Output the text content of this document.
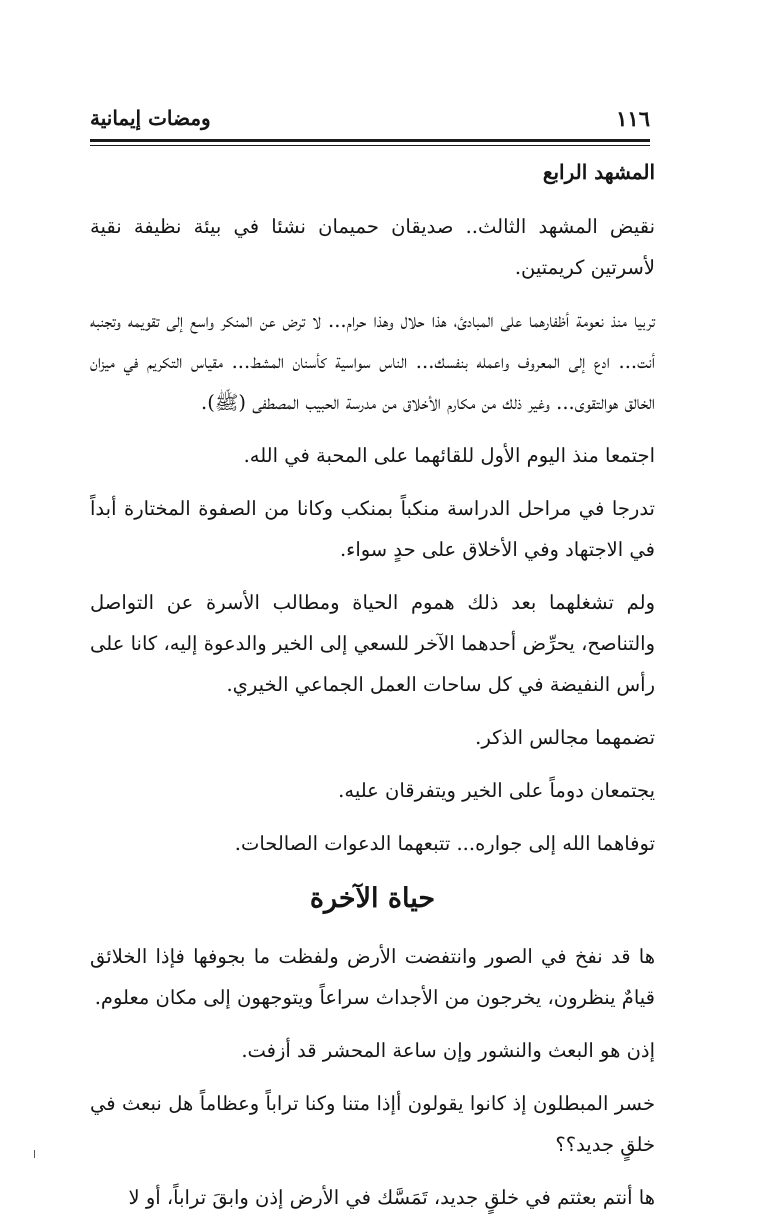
١١٦
ومضات إيمانية

المشهد الرابع

نقيض المشهد الثالث.. صديقان حميمان نشئا في بيئة نظيفة نقية لأسرتين كريمتين.

تربيا منذ نعومة أظفارهما على المبادئ، هذا حلال وهذا حرام... لا ترض عن المنكر واسع إلى تقويمه وتجنبه أنت... ادع إلى المعروف واعمله بنفسك... الناس سواسية كأسنان المشط... مقياس التكريم في ميزان الخالق هوالتقوى... وغير ذلك من مكارم الأخلاق من مدرسة الحبيب المصطفى (ﷺ).

اجتمعا منذ اليوم الأول للقائهما على المحبة في الله.

تدرجا في مراحل الدراسة منكباً بمنكب وكانا من الصفوة المختارة أبداً في الاجتهاد وفي الأخلاق على حدٍ سواء.

ولم تشغلهما بعد ذلك هموم الحياة ومطالب الأسرة عن التواصل والتناصح، يحرِّض أحدهما الآخر للسعي إلى الخير والدعوة إليه، كانا على رأس النفيضة في كل ساحات العمل الجماعي الخيري.

تضمهما مجالس الذكر.

يجتمعان دوماً على الخير ويتفرقان عليه.

توفاهما الله إلى جواره... تتبعهما الدعوات الصالحات.

حياة الآخرة

ها قد نفخ في الصور وانتفضت الأرض ولفظت ما بجوفها فإذا الخلائق قيامٌ ينظرون، يخرجون من الأجداث سراعاً ويتوجهون إلى مكان معلوم.

إذن هو البعث والنشور وإن ساعة المحشر قد أزفت.

خسر المبطلون إذ كانوا يقولون أإذا متنا وكنا تراباً وعظاماً هل نبعث في خلقٍ جديد؟؟

ها أنتم بعثتم في خلقٍ جديد، تَمَسَّك في الأرض إذن وابقَ تراباً، أو لا
